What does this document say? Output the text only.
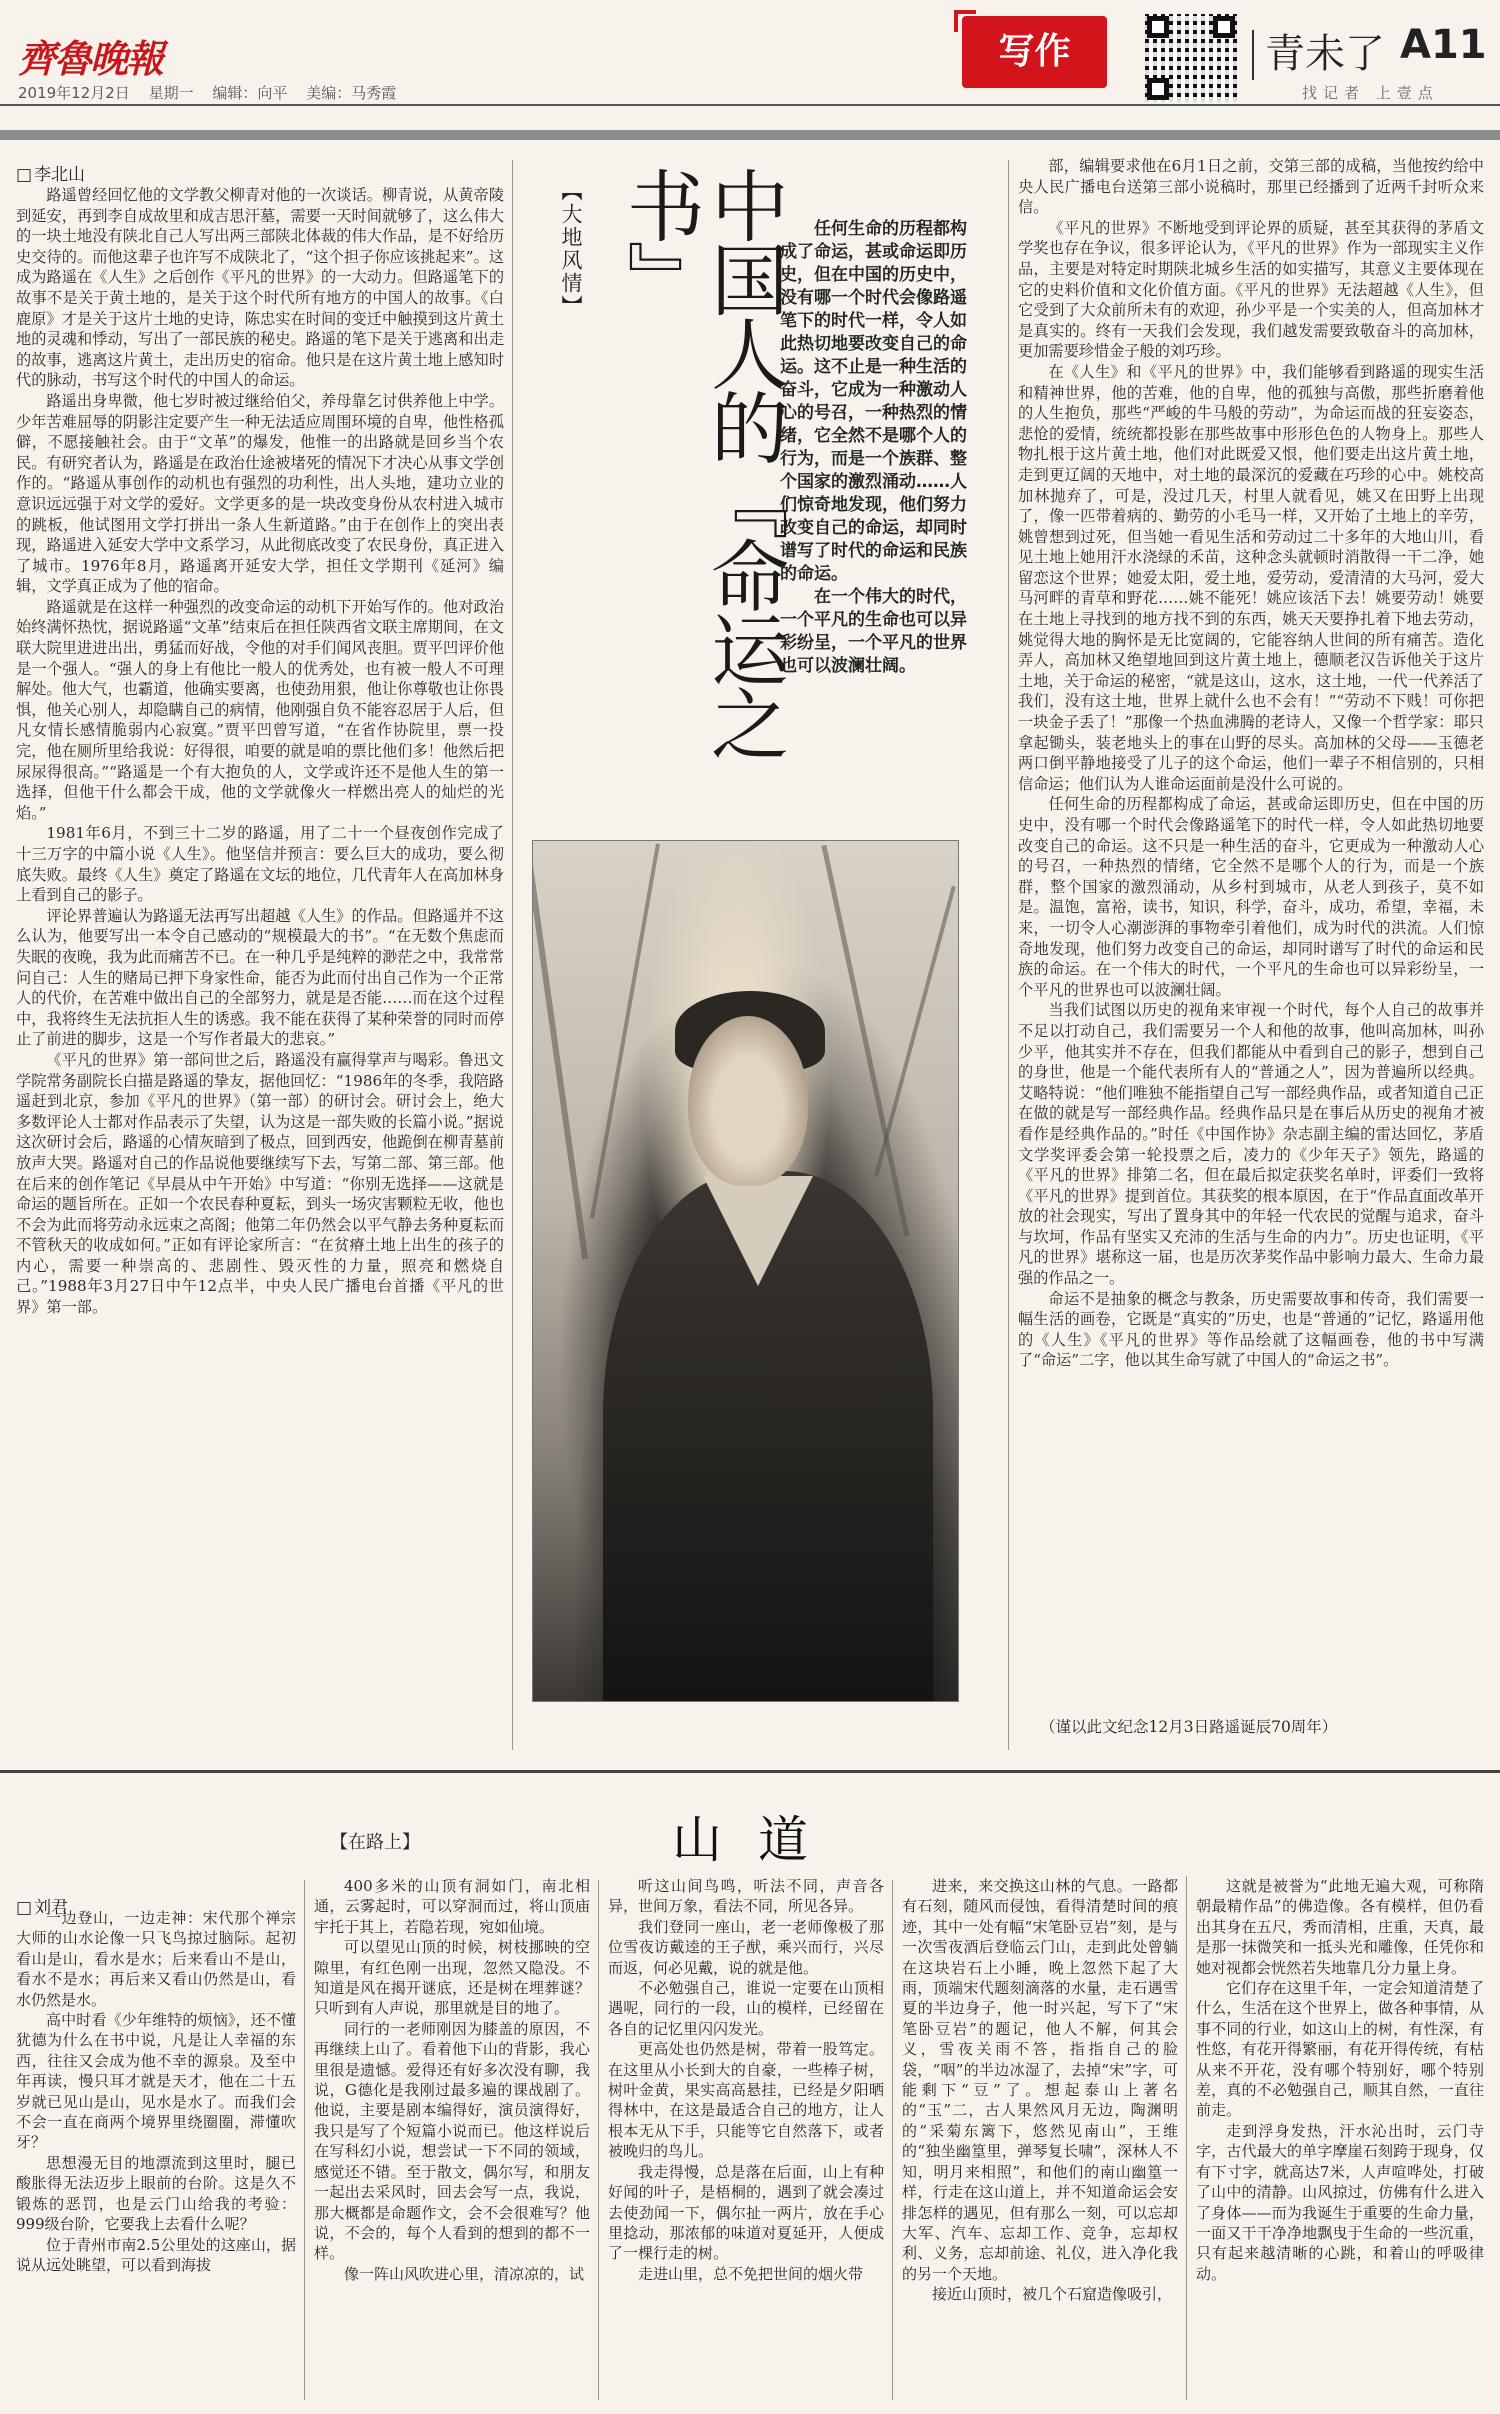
齊魯晚報
2019年12月2日 星期一 编辑：向平 美编：马秀霞
写作	青未了 A11
找记者 上壹点
□ 李北山

路遥曾经回忆他的文学教父柳青对他的一次谈话。柳青说，从黄帝陵到延安，再到李自成故里和成吉思汗墓，需要一天时间就够了，这么伟大的一块土地没有陕北自己人写出两三部陕北体裁的伟大作品，是不好给历史交待的。而他这辈子也许写不成陕北了，“这个担子你应该挑起来”。这成为路遥在《人生》之后创作《平凡的世界》的一大动力。但路遥笔下的故事不是关于黄土地的，是关于这个时代所有地方的中国人的故事。《白鹿原》才是关于这片土地的史诗，陈忠实在时间的变迁中触摸到这片黄土地的灵魂和悸动，写出了一部民族的秘史。路遥的笔下是关于逃离和出走的故事，逃离这片黄土，走出历史的宿命。他只是在这片黄土地上感知时代的脉动，书写这个时代的中国人的命运。

路遥出身卑微，他七岁时被过继给伯父，养母靠乞讨供养他上中学。少年苦难屈辱的阴影注定要产生一种无法适应周围环境的自卑，他性格孤僻，不愿接触社会。由于“文革”的爆发，他惟一的出路就是回乡当个农民。有研究者认为，路遥是在政治仕途被堵死的情况下才决心从事文学创作的。“路遥从事创作的动机也有强烈的功利性，出人头地，建功立业的意识远远强于对文学的爱好。文学更多的是一块改变身份从农村进入城市的跳板，他试图用文学打拼出一条人生新道路。”由于在创作上的突出表现，路遥进入延安大学中文系学习，从此彻底改变了农民身份，真正进入了城市。1976年8月，路遥离开延安大学，担任文学期刊《延河》编辑，文学真正成为了他的宿命。

路遥就是在这样一种强烈的改变命运的动机下开始写作的。他对政治始终满怀热忱，据说路遥“文革”结束后在担任陕西省文联主席期间，在文联大院里进进出出，勇猛而好战，令他的对手们闻风丧胆。贾平凹评价他是一个强人。“强人的身上有他比一般人的优秀处，也有被一般人不可理解处。他大气，也霸道，他确实要离，也使劲用狠，他让你尊敬也让你畏惧，他关心别人，却隐瞒自己的病情，他刚强自负不能容忍居于人后，但凡女情长感情脆弱内心寂寞。”贾平凹曾写道，“在省作协院里，票一投完，他在厕所里给我说：好得很，咱要的就是咱的票比他们多！他然后把尿尿得很高。”“路遥是一个有大抱负的人，文学或许还不是他人生的第一选择，但他干什么都会干成，他的文学就像火一样燃出亮人的灿烂的光焰。”

1981年6月，不到三十二岁的路遥，用了二十一个昼夜创作完成了十三万字的中篇小说《人生》。他坚信并预言：要么巨大的成功，要么彻底失败。最终《人生》奠定了路遥在文坛的地位，几代青年人在高加林身上看到自己的影子。

评论界普遍认为路遥无法再写出超越《人生》的作品。但路遥并不这么认为，他要写出一本令自己感动的“规模最大的书”。“在无数个焦虑而失眠的夜晚，我为此而痛苦不已。在一种几乎是纯粹的渺茫之中，我常常问自己：人生的赌局已押下身家性命，能否为此而付出自己作为一个正常人的代价，在苦难中做出自己的全部努力，就是是否能……而在这个过程中，我将终生无法抗拒人生的诱惑。我不能在获得了某种荣誉的同时而停止了前进的脚步，这是一个写作者最大的悲哀。”

《平凡的世界》第一部问世之后，路遥没有赢得掌声与喝彩。鲁迅文学院常务副院长白描是路遥的挚友，据他回忆：“1986年的冬季，我陪路遥赶到北京，参加《平凡的世界》（第一部）的研讨会。研讨会上，绝大多数评论人士都对作品表示了失望，认为这是一部失败的长篇小说。”据说这次研讨会后，路遥的心情灰暗到了极点，回到西安，他跪倒在柳青墓前放声大哭。路遥对自己的作品说他要继续写下去，写第二部、第三部。他在后来的创作笔记《早晨从中午开始》中写道：“你别无选择——这就是命运的题旨所在。正如一个农民春种夏耘，到头一场灾害颗粒无收，他也不会为此而将劳动永远束之高阁；他第二年仍然会以平气静去务种夏耘而不管秋天的收成如何。”正如有评论家所言：“在贫瘠土地上出生的孩子的内心，需要一种崇高的、悲剧性、毁灭性的力量，照亮和燃烧自己。”1988年3月27日中午12点半，中央人民广播电台首播《平凡的世界》第一部。

【大地风情】	中国人的『命运之书』	任何生命的历程都构成了命运，甚或命运即历史，但在中国的历史中，没有哪一个时代会像路遥笔下的时代一样，令人如此热切地要改变自己的命运。这不止是一种生活的奋斗，它成为一种激动人心的号召，一种热烈的情绪，它全然不是哪个人的行为，而是一个族群、整个国家的激烈涌动……人们惊奇地发现，他们努力改变自己的命运，却同时谱写了时代的命运和民族的命运。

在一个伟大的时代，一个平凡的生命也可以异彩纷呈，一个平凡的世界也可以波澜壮阔。

部，编辑要求他在6月1日之前，交第三部的成稿，当他按约给中央人民广播电台送第三部小说稿时，那里已经播到了近两千封听众来信。

《平凡的世界》不断地受到评论界的质疑，甚至其获得的茅盾文学奖也存在争议，很多评论认为，《平凡的世界》作为一部现实主义作品，主要是对特定时期陕北城乡生活的如实描写，其意义主要体现在它的史料价值和文化价值方面。《平凡的世界》无法超越《人生》，但它受到了大众前所未有的欢迎，孙少平是一个实美的人，但高加林才是真实的。终有一天我们会发现，我们越发需要致敬奋斗的高加林，更加需要珍惜金子般的刘巧珍。

在《人生》和《平凡的世界》中，我们能够看到路遥的现实生活和精神世界，他的苦难，他的自卑，他的孤独与高傲，那些折磨着他的人生抱负，那些“严峻的牛马般的劳动”，为命运而战的狂妄姿态，悲怆的爱情，统统都投影在那些故事中形形色色的人物身上。那些人物扎根于这片黄土地，他们对此既爱又恨，他们要走出这片黄土地，走到更辽阔的天地中，对土地的最深沉的爱藏在巧珍的心中。姚校高加林抛弃了，可是，没过几天，村里人就看见，姚又在田野上出现了，像一匹带着病的、勤劳的小毛马一样，又开始了土地上的辛劳，姚曾想到过死，但当她一看见生活和劳动过二十多年的大地山川，看见土地上她用汗水浇绿的禾苗，这种念头就顿时消散得一干二净，她留恋这个世界；她爱太阳，爱土地，爱劳动，爱清清的大马河，爱大马河畔的青草和野花……姚不能死！姚应该活下去！姚要劳动！姚要在土地上寻找到的地方找不到的东西，姚天天要挣扎着下地去劳动，姚觉得大地的胸怀是无比宽阔的，它能容纳人世间的所有痛苦。造化弄人，高加林又绝望地回到这片黄土地上，德顺老汉告诉他关于这片土地，关于命运的秘密，“就是这山，这水，这土地，一代一代养活了我们，没有这土地，世界上就什么也不会有！”“劳动不下贱！可你把一块金子丢了！”那像一个热血沸腾的老诗人，又像一个哲学家：耶只拿起锄头，装老地头上的事在山野的尽头。高加林的父母——玉德老两口倒平静地接受了儿子的这个命运，他们一辈子不相信别的，只相信命运；他们认为人谁命运面前是没什么可说的。

任何生命的历程都构成了命运，甚或命运即历史，但在中国的历史中，没有哪一个时代会像路遥笔下的时代一样，令人如此热切地要改变自己的命运。这不只是一种生活的奋斗，它更成为一种激动人心的号召，一种热烈的情绪，它全然不是哪个人的行为，而是一个族群，整个国家的激烈涌动，从乡村到城市，从老人到孩子，莫不如是。温饱，富裕，读书，知识，科学，奋斗，成功，希望，幸福，未来，一切令人心潮澎湃的事物牵引着他们，成为时代的洪流。人们惊奇地发现，他们努力改变自己的命运，却同时谱写了时代的命运和民族的命运。在一个伟大的时代，一个平凡的生命也可以异彩纷呈，一个平凡的世界也可以波澜壮阔。

当我们试图以历史的视角来审视一个时代，每个人自己的故事并不足以打动自己，我们需要另一个人和他的故事，他叫高加林，叫孙少平，他其实并不存在，但我们都能从中看到自己的影子，想到自己的身世，他是一个能代表所有人的“普通之人”，因为普遍所以经典。艾略特说：“他们唯独不能指望自己写一部经典作品，或者知道自己正在做的就是写一部经典作品。经典作品只是在事后从历史的视角才被看作是经典作品的。”时任《中国作协》杂志副主编的雷达回忆，茅盾文学奖评委会第一轮投票之后，凌力的《少年天子》领先，路遥的《平凡的世界》排第二名，但在最后拟定获奖名单时，评委们一致将《平凡的世界》提到首位。其获奖的根本原因，在于“作品直面改革开放的社会现实，写出了置身其中的年轻一代农民的觉醒与追求，奋斗与坎坷，作品有坚实又充沛的生活与生命的内力”。历史也证明，《平凡的世界》堪称这一届，也是历次茅奖作品中影响力最大、生命力最强的作品之一。

命运不是抽象的概念与教条，历史需要故事和传奇，我们需要一幅生活的画卷，它既是“真实的”历史，也是“普通的”记忆，路遥用他的《人生》《平凡的世界》等作品绘就了这幅画卷，他的书中写满了“命运”二字，他以其生命写就了中国人的“命运之书”。

（谨以此文纪念12月3日路遥诞辰70周年）
【在路上】	山道
□ 刘君

一边登山，一边走神：宋代那个禅宗大师的山水论像一只飞鸟掠过脑际。起初看山是山，看水是水；后来看山不是山，看水不是水；再后来又看山仍然是山，看水仍然是水。

高中时看《少年维特的烦恼》，还不懂犹德为什么在书中说，凡是让人幸福的东西，往往又会成为他不幸的源泉。及至中年再读，慢只耳才就是天才，他在二十五岁就已见山是山，见水是水了。而我们会不会一直在商两个境界里绕圈圈，滞懂吹牙？

思想漫无目的地漂流到这里时，腿已酸胀得无法迈步上眼前的台阶。这是久不锻炼的恶罚，也是云门山给我的考验：999级台阶，它要我上去看什么呢？

位于青州市南2.5公里处的这座山，据说从远处眺望，可以看到海拔

400多米的山顶有洞如门，南北相通，云雾起时，可以穿洞而过，将山顶庙宇托于其上，若隐若现，宛如仙境。

可以望见山顶的时候，树枝挪映的空隙里，有红色刚一出现，忽然又隐没。不知道是风在揭开谜底，还是树在埋葬谜？只听到有人声说，那里就是目的地了。

同行的一老师刚因为膝盖的原因，不再继续上山了。看着他下山的背影，我心里很是遗憾。爱得还有好多次没有聊，我说，G德化是我刚过最多遍的课战剧了。他说，主要是剧本编得好，演员演得好，我只是写了个短篇小说而已。他这样说后在写科幻小说，想尝试一下不同的领域，感觉还不错。至于散文，偶尔写，和朋友一起出去采风时，回去会写一点，我说，那大概都是命题作文，会不会很难写？他说，不会的，每个人看到的想到的都不一样。

像一阵山风吹进心里，清凉凉的，试

听这山间鸟鸣，听法不同，声音各异，世间万象，看法不同，所见各异。

我们登同一座山，老一老师像极了那位雪夜访戴逵的王子猷，乘兴而行，兴尽而返，何必见戴，说的就是他。

不必勉强自己，谁说一定要在山顶相遇呢，同行的一段，山的模样，已经留在各自的记忆里闪闪发光。

更高处也仍然是树，带着一股笃定。在这里从小长到大的自豪，一些棒子树，树叶金黄，果实高高悬挂，已经是夕阳晒得林中，在这是最适合自己的地方，让人根本无从下手，只能等它自然落下，或者被晚归的鸟儿。

我走得慢，总是落在后面，山上有种好闻的叶子，是梧桐的，遇到了就会凑过去使劲闻一下，偶尔扯一两片，放在手心里捻动，那浓郁的味道对夏延开，人便成了一棵行走的树。

走进山里，总不免把世间的烟火带

进来，来交换这山林的气息。一路都有石刻，随风而侵蚀，看得清楚时间的痕迹，其中一处有幅“宋笔卧豆岩”刻，是与一次雪夜酒后登临云门山，走到此处曾躺在这块岩石上小睡，晚上忽然下起了大雨，顶端宋代题刻滴落的水量，走石遇雪夏的半边身子，他一时兴起，写下了“宋笔卧豆岩”的题记，他人不解，何其会义，雪夜关雨不答，指指自己的脸袋，“咽”的半边冰湿了，去掉“宋”字，可能剩下“豆”了。想起泰山上著名的“玉”二，古人果然风月无边，陶渊明的“采菊东篱下，悠然见南山”，王维的“独坐幽篁里，弹琴复长啸”，深林人不知，明月来相照”，和他们的南山幽篁一样，行走在这山道上，并不知道命运会安排怎样的遇见，但有那么一刻，可以忘却大军、汽车、忘却工作、竞争，忘却权利、义务，忘却前途、礼仪，进入净化我的另一个天地。

接近山顶时，被几个石窟造像吸引，

这就是被誉为“此地无遍大观，可称隋朝最精作品”的佛造像。各有模样，但仍看出其身在五尺，秀而清相，庄重，天真，最是那一抹微笑和一抵头光和雕像，任凭你和她对视都会恍然若失地靠几分力量上身。

它们存在这里千年，一定会知道清楚了什么，生活在这个世界上，做各种事情，从事不同的行业，如这山上的树，有性深，有性悠，有花开得繁丽，有花开得传统，有枯从来不开花，没有哪个特别好，哪个特别差，真的不必勉强自己，顺其自然，一直往前走。

走到浮身发热，汗水沁出时，云门寺字，古代最大的单字摩崖石刻跨于现身，仅有下寸字，就高达7米，人声喧哗处，打破了山中的清静。山风掠过，仿佛有什么进入了身体——而为我诞生于重要的生命力量，一面又干干净净地飘曳于生命的一些沉重，只有起来越清晰的心跳，和着山的呼吸律动。
